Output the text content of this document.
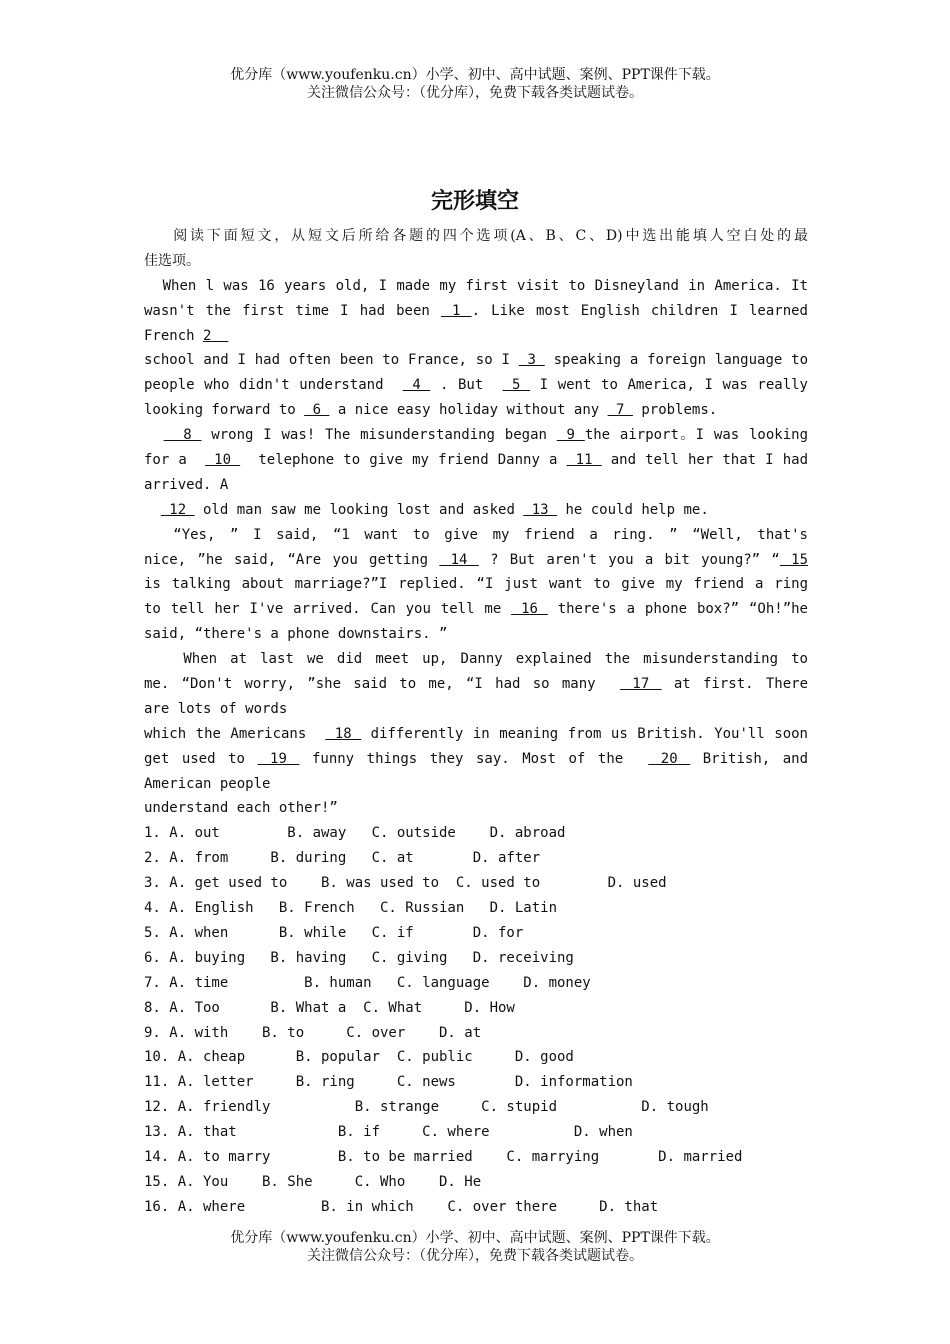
优分库（www.youfenku.cn）小学、初中、高中试题、案例、PPT课件下载。
关注微信公众号：（优分库），免费下载各类试题试卷。
完形填空
阅读下面短文，从短文后所给各题的四个选项(A、B、C、D)中选出能填人空白处的最
佳选项。
When l was 16 years old, I made my first visit to Disneyland in America. It
wasn't the first time I had been  1 . Like most English children I learned
French 2
school and I had often been to France, so I  3  speaking a foreign language to
people who didn't understand   4  . But   5  I went to America, I was really
looking forward to  6  a nice easy holiday without any  7  problems.
8  wrong I was! The misunderstanding began  9 the airport。I was looking
for a   10   telephone to give my friend Danny a  11  and tell her that I had
arrived. A
12  old man saw me looking lost and asked  13  he could help me.
“Yes, ” I said, “1 want to give my friend a ring. ” “Well, that's
nice, ”he said, “Are you getting  14  ? But aren't you a bit young?” “ 15
is talking about marriage?”I replied. “I just want to give my friend a ring
to tell her I've arrived. Can you tell me  16  there's a phone box?” “Oh!”he
said, “there's a phone downstairs. ”
When at last we did meet up, Danny explained the misunderstanding to
me. “Don't worry, ”she said to me, “I had so many   17  at first. There
are lots of words
which the Americans   18  differently in meaning from us British. You'll soon
get used to  19  funny things they say. Most of the   20  British, and
American people
understand each other!”
1. A. out        B. away   C. outside    D. abroad
2. A. from     B. during   C. at       D. after
3. A. get used to    B. was used to  C. used to        D. used
4. A. English   B. French   C. Russian   D. Latin
5. A. when      B. while   C. if       D. for
6. A. buying   B. having   C. giving   D. receiving
7. A. time         B. human   C. language    D. money
8. A. Too      B. What a  C. What     D. How
9. A. with    B. to     C. over    D. at
10. A. cheap      B. popular  C. public     D. good
11. A. letter     B. ring     C. news       D. information
12. A. friendly          B. strange     C. stupid          D. tough
13. A. that            B. if     C. where          D. when
14. A. to marry        B. to be married    C. marrying       D. married
15. A. You    B. She     C. Who    D. He
16. A. where         B. in which    C. over there     D. that
优分库（www.youfenku.cn）小学、初中、高中试题、案例、PPT课件下载。
关注微信公众号：（优分库），免费下载各类试题试卷。
